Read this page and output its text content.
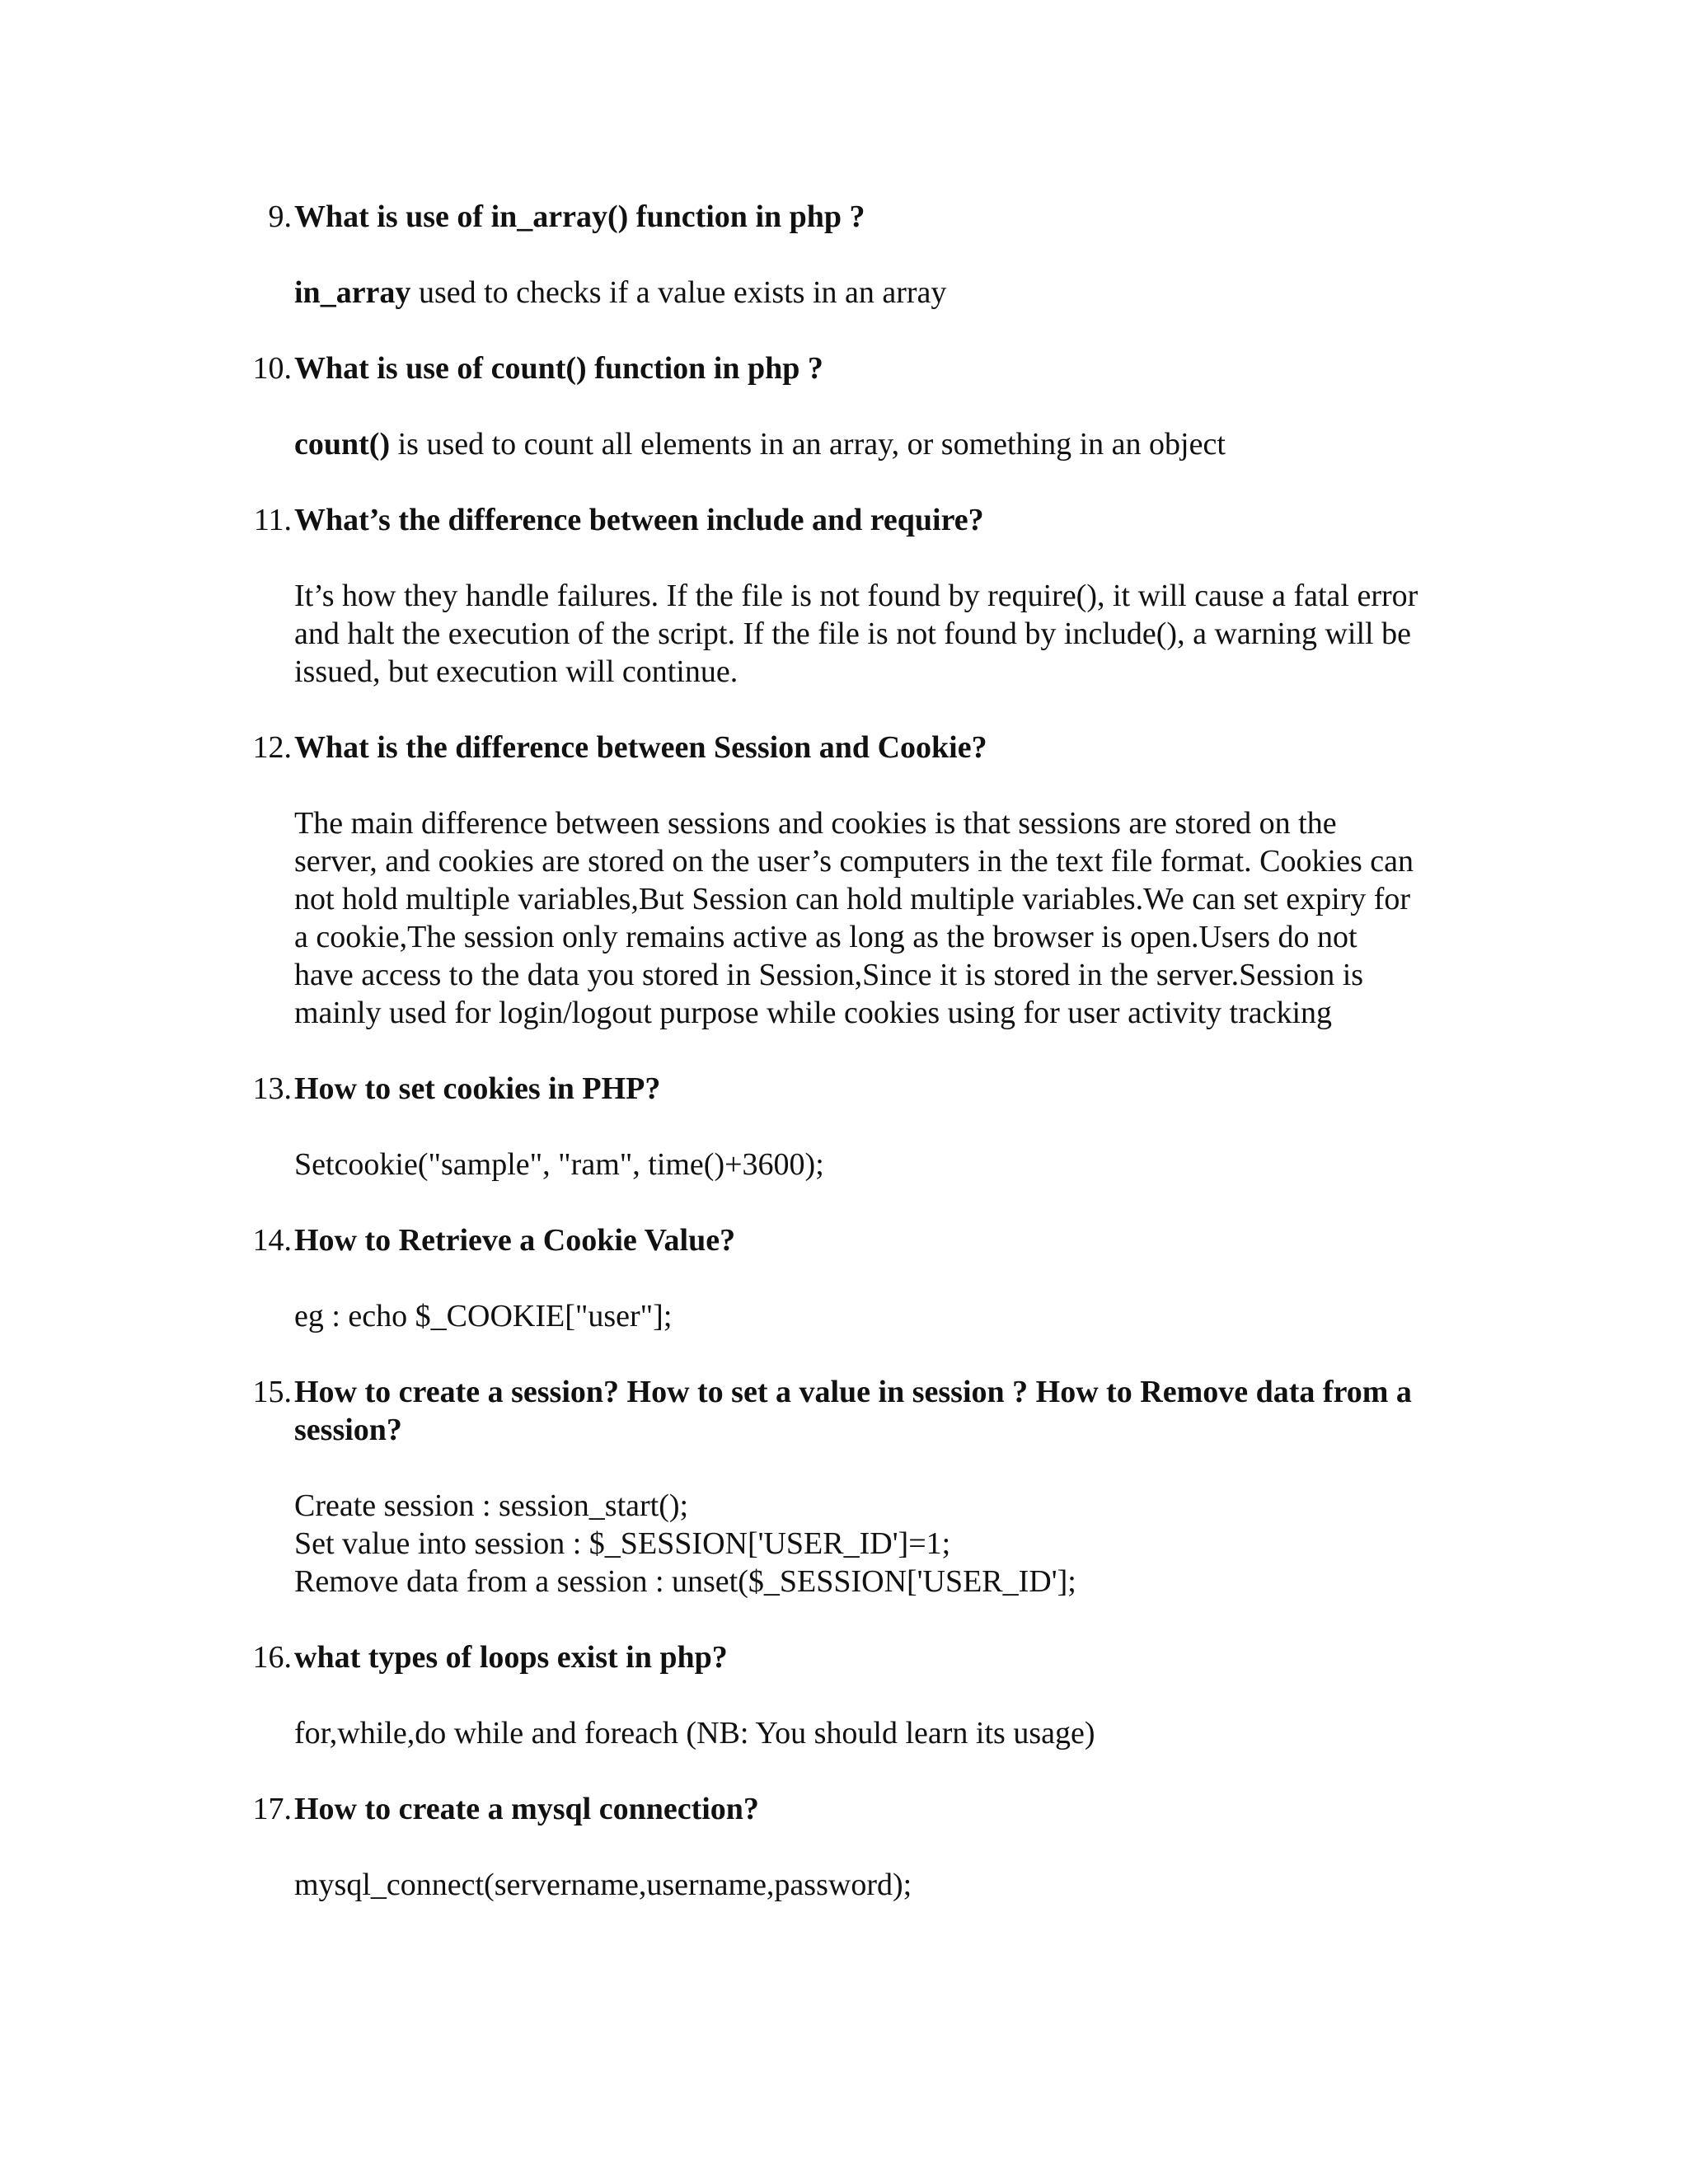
9. What is use of in_array() function in php ?
in_array used to checks if a value exists in an array
10. What is use of count() function in php ?
count() is used to count all elements in an array, or something in an object
11. What’s the difference between include and require?
It’s how they handle failures. If the file is not found by require(), it will cause a fatal error
and halt the execution of the script. If the file is not found by include(), a warning will be
issued, but execution will continue.
12. What is the difference between Session and Cookie?
The main difference between sessions and cookies is that sessions are stored on the
server, and cookies are stored on the user’s computers in the text file format. Cookies can
not hold multiple variables,But Session can hold multiple variables.We can set expiry for
a cookie,The session only remains active as long as the browser is open.Users do not
have access to the data you stored in Session,Since it is stored in the server.Session is
mainly used for login/logout purpose while cookies using for user activity tracking
13. How to set cookies in PHP?
Setcookie("sample", "ram", time()+3600);
14. How to Retrieve a Cookie Value?
eg : echo $_COOKIE["user"];
15. How to create a session? How to set a value in session ? How to Remove data from a
session?
Create session : session_start();
Set value into session : $_SESSION['USER_ID']=1;
Remove data from a session : unset($_SESSION['USER_ID'];
16. what types of loops exist in php?
for,while,do while and foreach (NB: You should learn its usage)
17. How to create a mysql connection?
mysql_connect(servername,username,password);
